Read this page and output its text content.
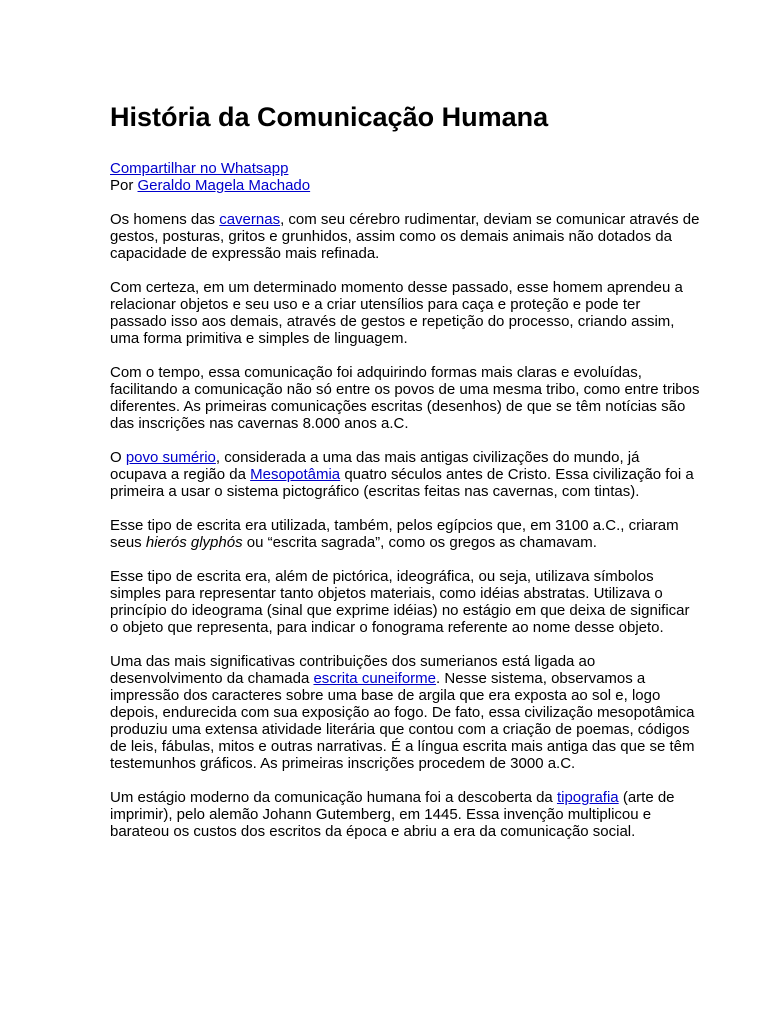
História da Comunicação Humana
Compartilhar no Whatsapp
Por Geraldo Magela Machado

Os homens das cavernas, com seu cérebro rudimentar, deviam se comunicar através de gestos, posturas, gritos e grunhidos, assim como os demais animais não dotados da capacidade de expressão mais refinada.

Com certeza, em um determinado momento desse passado, esse homem aprendeu a relacionar objetos e seu uso e a criar utensílios para caça e proteção e pode ter passado isso aos demais, através de gestos e repetição do processo, criando assim, uma forma primitiva e simples de linguagem.

Com o tempo, essa comunicação foi adquirindo formas mais claras e evoluídas, facilitando a comunicação não só entre os povos de uma mesma tribo, como entre tribos diferentes. As primeiras comunicações escritas (desenhos) de que se têm notícias são das inscrições nas cavernas 8.000 anos a.C.

O povo sumério, considerada a uma das mais antigas civilizações do mundo, já ocupava a região da Mesopotâmia quatro séculos antes de Cristo. Essa civilização foi a primeira a usar o sistema pictográfico (escritas feitas nas cavernas, com tintas).

Esse tipo de escrita era utilizada, também, pelos egípcios que, em 3100 a.C., criaram seus hierós glyphós ou “escrita sagrada”, como os gregos as chamavam.

Esse tipo de escrita era, além de pictórica, ideográfica, ou seja, utilizava símbolos simples para representar tanto objetos materiais, como idéias abstratas. Utilizava o princípio do ideograma (sinal que exprime idéias) no estágio em que deixa de significar o objeto que representa, para indicar o fonograma referente ao nome desse objeto.

Uma das mais significativas contribuições dos sumerianos está ligada ao desenvolvimento da chamada escrita cuneiforme. Nesse sistema, observamos a impressão dos caracteres sobre uma base de argila que era exposta ao sol e, logo depois, endurecida com sua exposição ao fogo. De fato, essa civilização mesopotâmica produziu uma extensa atividade literária que contou com a criação de poemas, códigos de leis, fábulas, mitos e outras narrativas. É a língua escrita mais antiga das que se têm testemunhos gráficos. As primeiras inscrições procedem de 3000 a.C.

Um estágio moderno da comunicação humana foi a descoberta da tipografia (arte de imprimir), pelo alemão Johann Gutemberg, em 1445. Essa invenção multiplicou e barateou os custos dos escritos da época e abriu a era da comunicação social.
